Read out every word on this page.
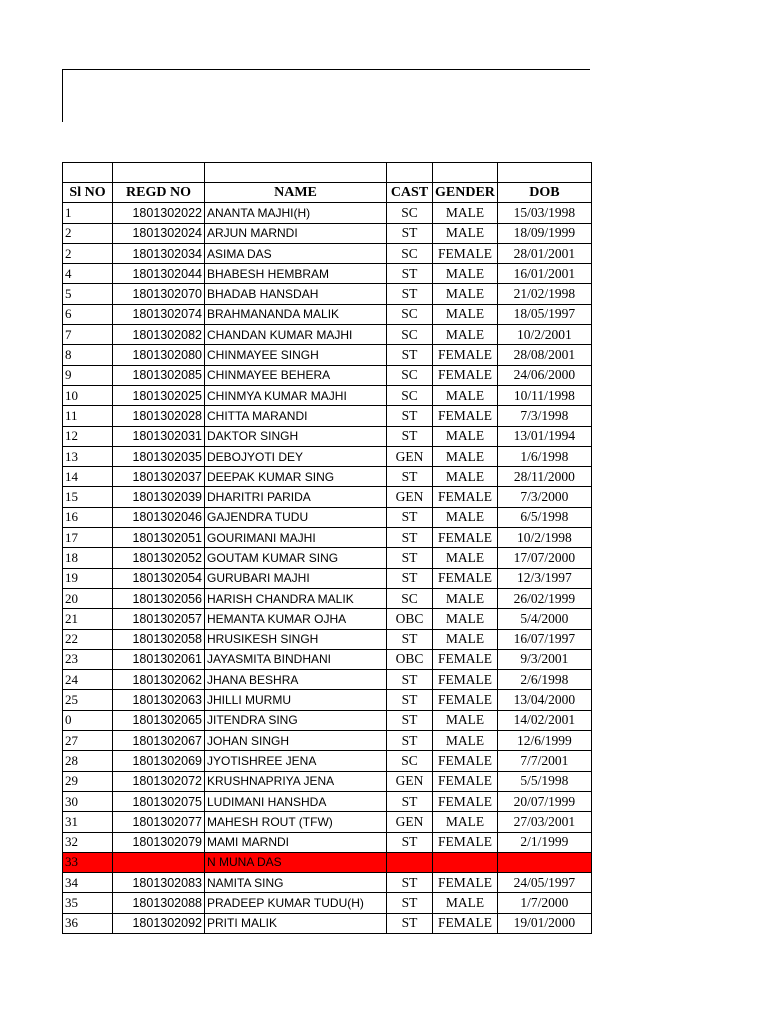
Sl NO	REGD NO	NAME	CAST	GENDER	DOB
1	1801302022	ANANTA MAJHI(H)	SC	MALE	15/03/1998
2	1801302024	ARJUN MARNDI	ST	MALE	18/09/1999
2	1801302034	ASIMA DAS	SC	FEMALE	28/01/2001
4	1801302044	BHABESH HEMBRAM	ST	MALE	16/01/2001
5	1801302070	BHADAB HANSDAH	ST	MALE	21/02/1998
6	1801302074	BRAHMANANDA MALIK	SC	MALE	18/05/1997
7	1801302082	CHANDAN KUMAR MAJHI	SC	MALE	10/2/2001
8	1801302080	CHINMAYEE SINGH	ST	FEMALE	28/08/2001
9	1801302085	CHINMAYEE BEHERA	SC	FEMALE	24/06/2000
10	1801302025	CHINMYA KUMAR MAJHI	SC	MALE	10/11/1998
11	1801302028	CHITTA MARANDI	ST	FEMALE	7/3/1998
12	1801302031	DAKTOR SINGH	ST	MALE	13/01/1994
13	1801302035	DEBOJYOTI DEY	GEN	MALE	1/6/1998
14	1801302037	DEEPAK KUMAR SING	ST	MALE	28/11/2000
15	1801302039	DHARITRI PARIDA	GEN	FEMALE	7/3/2000
16	1801302046	GAJENDRA TUDU	ST	MALE	6/5/1998
17	1801302051	GOURIMANI MAJHI	ST	FEMALE	10/2/1998
18	1801302052	GOUTAM KUMAR SING	ST	MALE	17/07/2000
19	1801302054	GURUBARI MAJHI	ST	FEMALE	12/3/1997
20	1801302056	HARISH CHANDRA MALIK	SC	MALE	26/02/1999
21	1801302057	HEMANTA KUMAR OJHA	OBC	MALE	5/4/2000
22	1801302058	HRUSIKESH SINGH	ST	MALE	16/07/1997
23	1801302061	JAYASMITA BINDHANI	OBC	FEMALE	9/3/2001
24	1801302062	JHANA BESHRA	ST	FEMALE	2/6/1998
25	1801302063	JHILLI MURMU	ST	FEMALE	13/04/2000
0	1801302065	JITENDRA SING	ST	MALE	14/02/2001
27	1801302067	JOHAN SINGH	ST	MALE	12/6/1999
28	1801302069	JYOTISHREE JENA	SC	FEMALE	7/7/2001
29	1801302072	KRUSHNAPRIYA JENA	GEN	FEMALE	5/5/1998
30	1801302075	LUDIMANI HANSHDA	ST	FEMALE	20/07/1999
31	1801302077	MAHESH ROUT (TFW)	GEN	MALE	27/03/2001
32	1801302079	MAMI MARNDI	ST	FEMALE	2/1/1999
33		N MUNA DAS			
34	1801302083	NAMITA SING	ST	FEMALE	24/05/1997
35	1801302088	PRADEEP KUMAR TUDU(H)	ST	MALE	1/7/2000
36	1801302092	PRITI MALIK	ST	FEMALE	19/01/2000
